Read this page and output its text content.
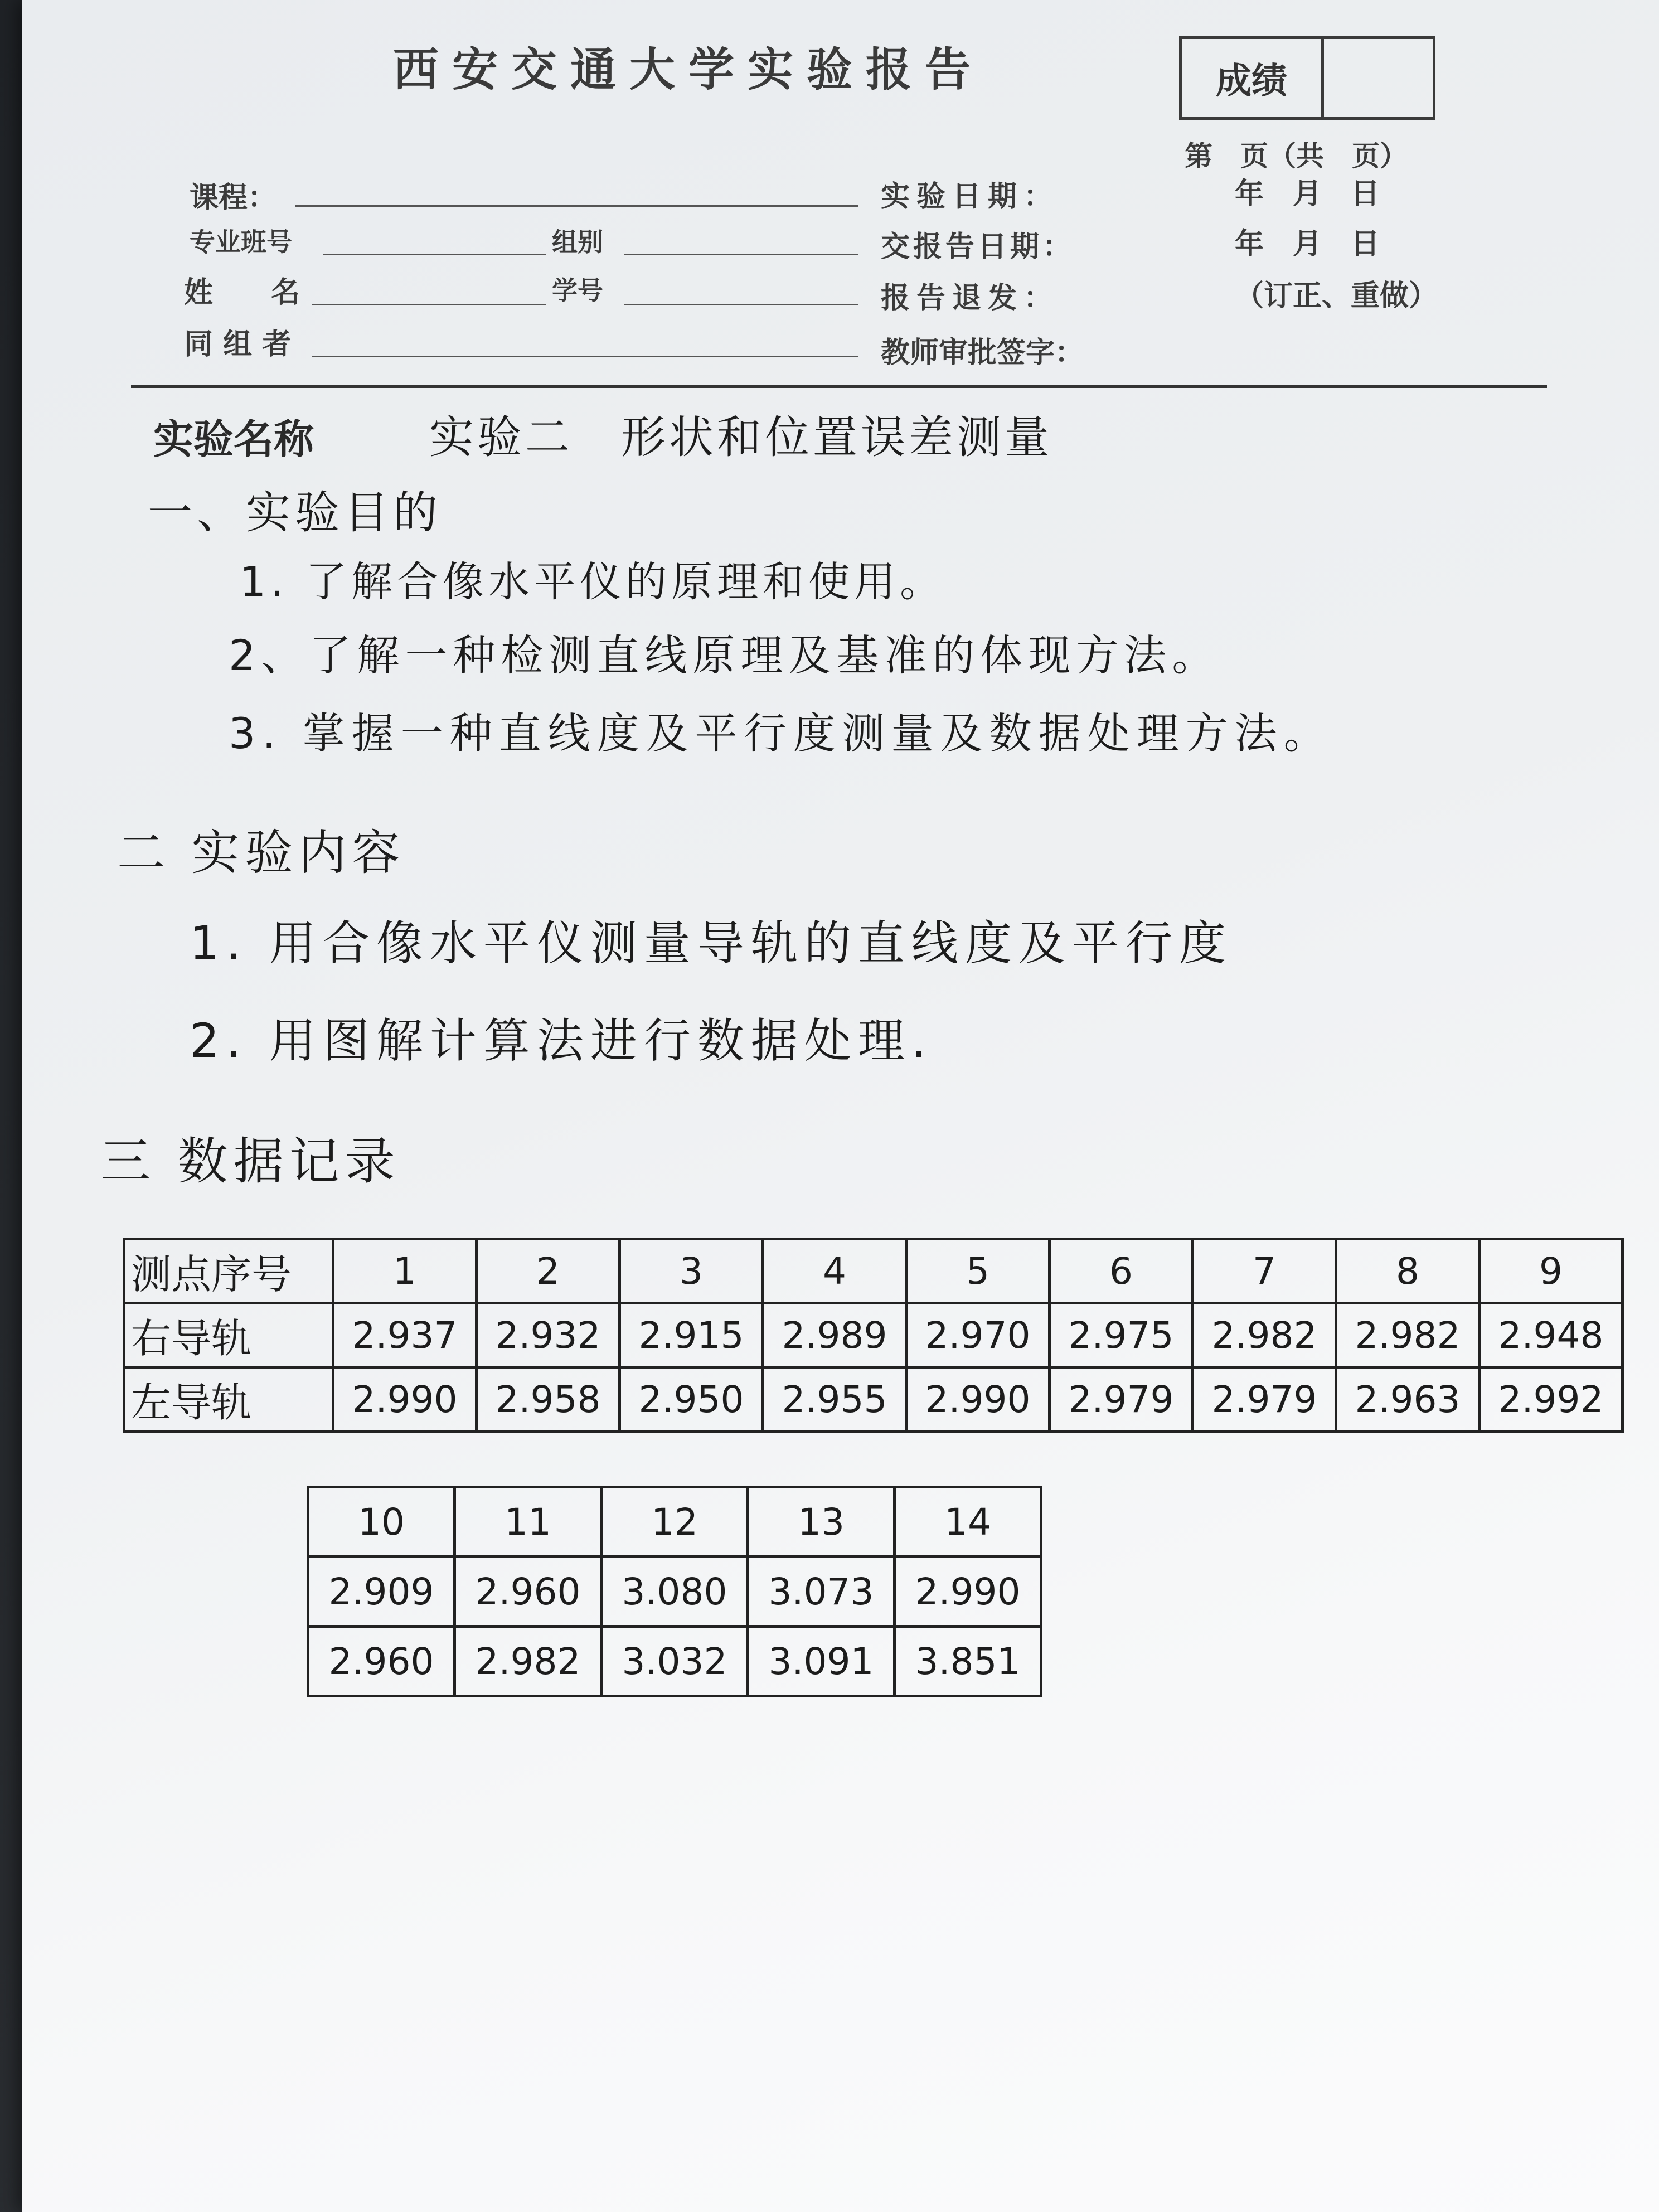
西安交通大学实验报告	成绩
第　页（共　页）
课程：
专业班号	组别
姓　　名	学号
同 组 者
实验日期：	年　月　日
交报告日期：	年　月　日
报告退发：	（订正、重做）
教师审批签字：
实验名称	实验二　形状和位置误差测量
一、实验目的
1. 了解合像水平仪的原理和使用。
2、了解一种检测直线原理及基准的体现方法。
3. 掌握一种直线度及平行度测量及数据处理方法。
二 实验内容
1. 用合像水平仪测量导轨的直线度及平行度
2. 用图解计算法进行数据处理.
三 数据记录
测点序号	1	2	3	4	5	6	7	8	9
右导轨	2.937	2.932	2.915	2.989	2.970	2.975	2.982	2.982	2.948
左导轨	2.990	2.958	2.950	2.955	2.990	2.979	2.979	2.963	2.992
10	11	12	13	14
2.909	2.960	3.080	3.073	2.990
2.960	2.982	3.032	3.091	3.851
